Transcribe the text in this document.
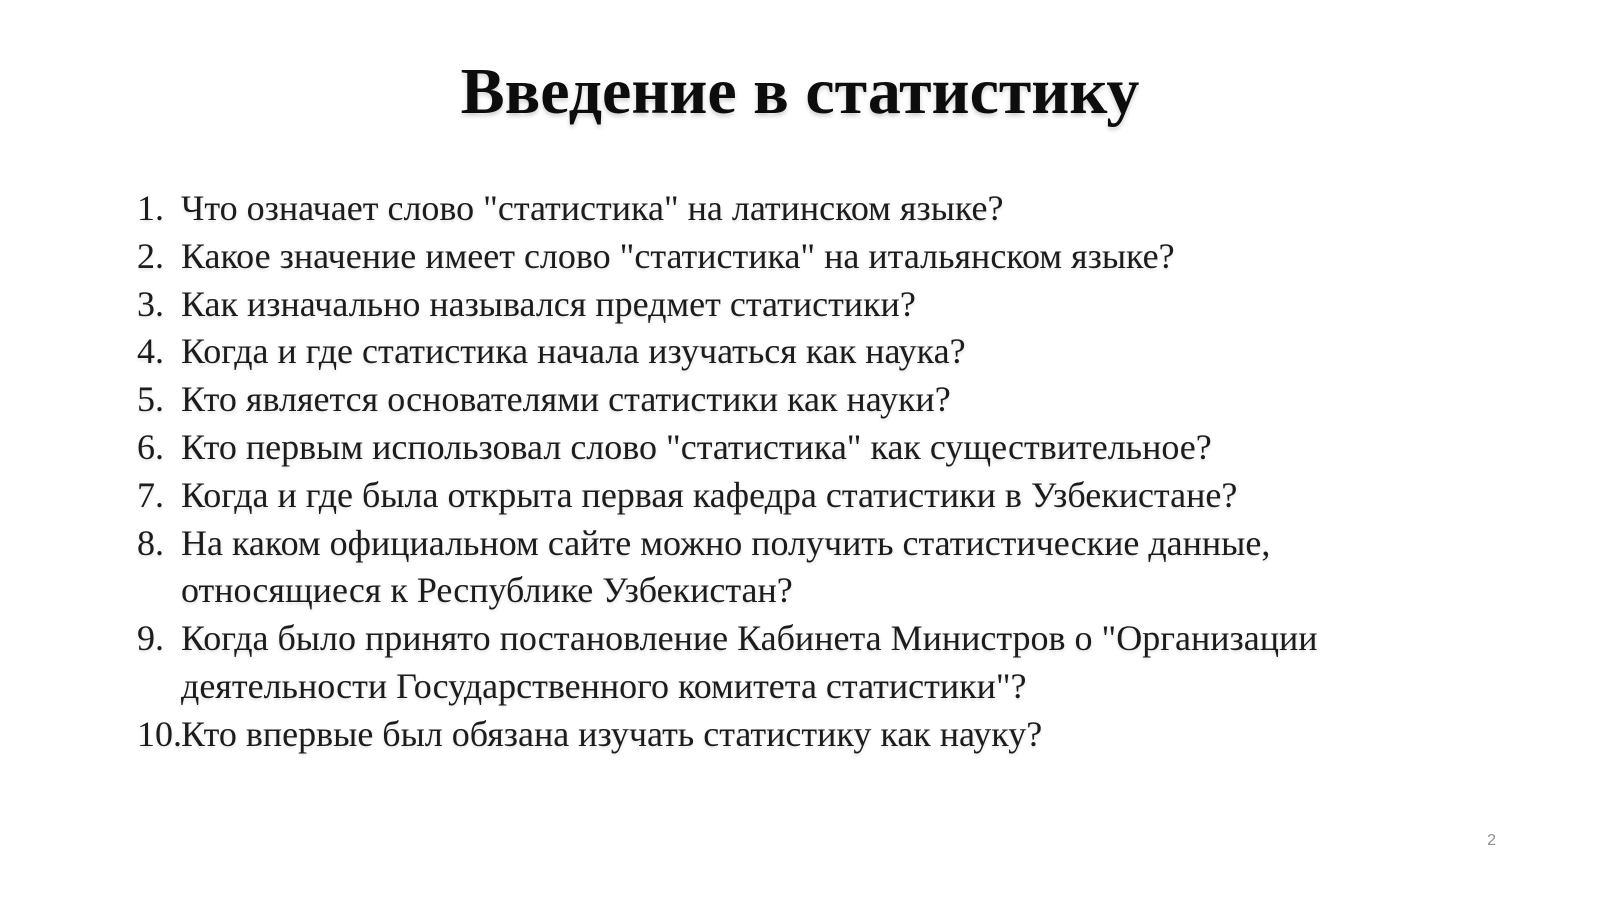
Введение в статистику
1. Что означает слово "статистика" на латинском языке?
2. Какое значение имеет слово "статистика" на итальянском языке?
3. Как изначально назывался предмет статистики?
4. Когда и где статистика начала изучаться как наука?
5. Кто является основателями статистики как науки?
6. Кто первым использовал слово "статистика" как существительное?
7. Когда и где была открыта первая кафедра статистики в Узбекистане?
8. На каком официальном сайте можно получить статистические данные, относящиеся к Республике Узбекистан?
9. Когда было принято постановление Кабинета Министров о "Организации деятельности Государственного комитета статистики"?
10. Кто впервые был обязана изучать статистику как науку?
2
